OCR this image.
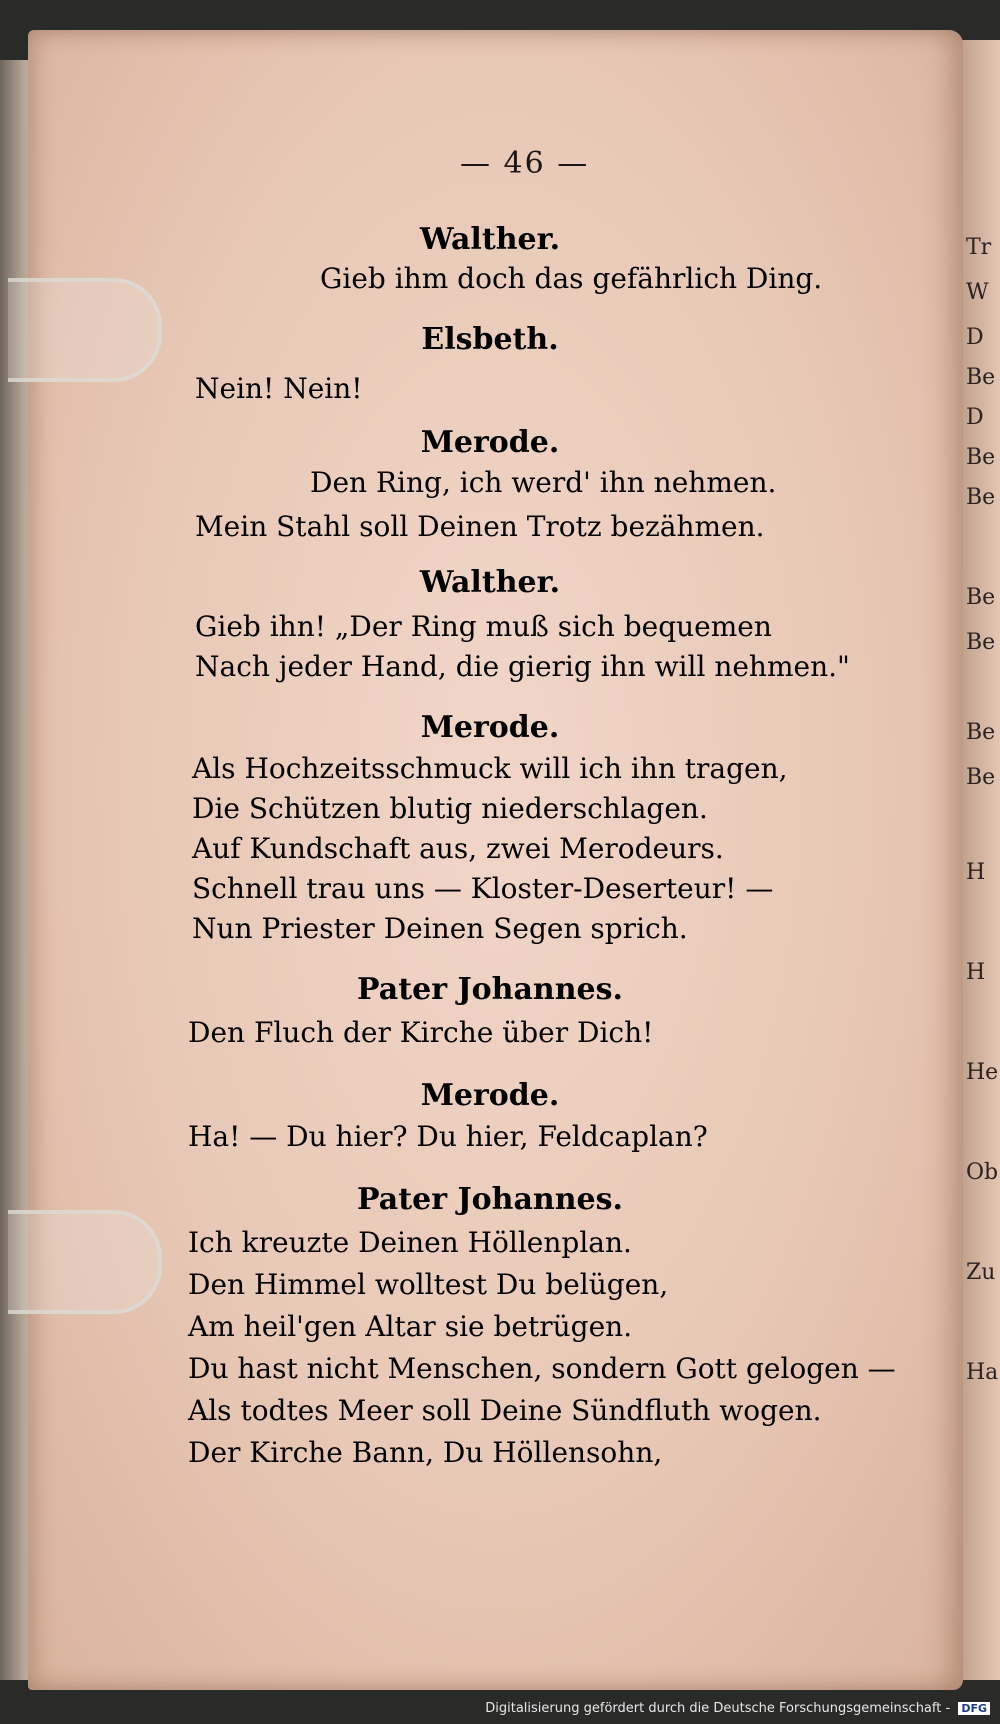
Tr
W
D
Be
D
Be
Be
Be
Be
Be
Be
H
H
He
Ob
Zu
Ha
— 46 —
Walther.
Gieb ihm doch das gefährlich Ding.
Elsbeth.
Nein! Nein!
Merode.
Den Ring, ich werd' ihn nehmen.
Mein Stahl soll Deinen Trotz bezähmen.
Walther.
Gieb ihn! „Der Ring muß sich bequemen
Nach jeder Hand, die gierig ihn will nehmen."
Merode.
Als Hochzeitsschmuck will ich ihn tragen,
Die Schützen blutig niederschlagen.
Auf Kundschaft aus, zwei Merodeurs.
Schnell trau uns — Kloster-Deserteur! —
Nun Priester Deinen Segen sprich.
Pater Johannes.
Den Fluch der Kirche über Dich!
Merode.
Ha! — Du hier? Du hier, Feldcaplan?
Pater Johannes.
Ich kreuzte Deinen Höllenplan.
Den Himmel wolltest Du belügen,
Am heil'gen Altar sie betrügen.
Du hast nicht Menschen, sondern Gott gelogen —
Als todtes Meer soll Deine Sündfluth wogen.
Der Kirche Bann, Du Höllensohn,
Digitalisierung gefördert durch die Deutsche Forschungsgemeinschaft - DFG
